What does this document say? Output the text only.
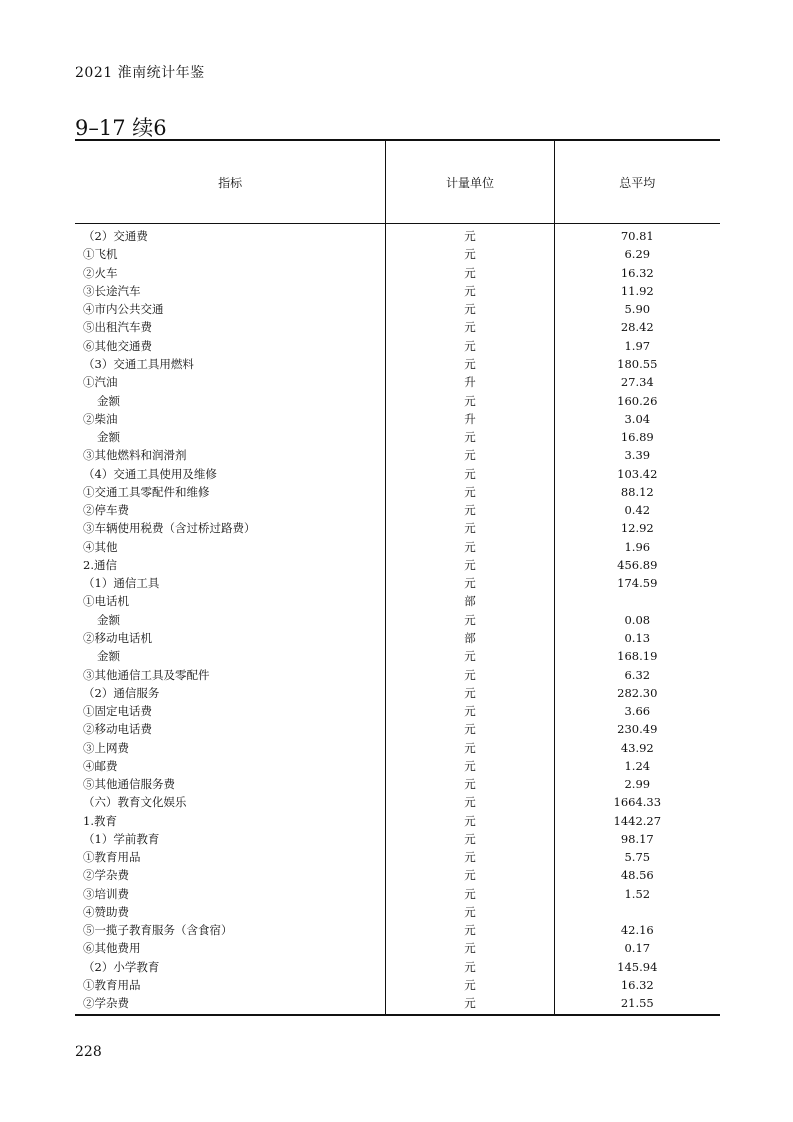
2021 淮南统计年鉴
9–17 续6
指标	计量单位	总平均
（2）交通费	元	70.81
①飞机	元	6.29
②火车	元	16.32
③长途汽车	元	11.92
④市内公共交通	元	5.90
⑤出租汽车费	元	28.42
⑥其他交通费	元	1.97
（3）交通工具用燃料	元	180.55
①汽油	升	27.34
金额	元	160.26
②柴油	升	3.04
金额	元	16.89
③其他燃料和润滑剂	元	3.39
（4）交通工具使用及维修	元	103.42
①交通工具零配件和维修	元	88.12
②停车费	元	0.42
③车辆使用税费（含过桥过路费）	元	12.92
④其他	元	1.96
2.通信	元	456.89
（1）通信工具	元	174.59
①电话机	部	
金额	元	0.08
②移动电话机	部	0.13
金额	元	168.19
③其他通信工具及零配件	元	6.32
（2）通信服务	元	282.30
①固定电话费	元	3.66
②移动电话费	元	230.49
③上网费	元	43.92
④邮费	元	1.24
⑤其他通信服务费	元	2.99
（六）教育文化娱乐	元	1664.33
1.教育	元	1442.27
（1）学前教育	元	98.17
①教育用品	元	5.75
②学杂费	元	48.56
③培训费	元	1.52
④赞助费	元	
⑤一揽子教育服务（含食宿）	元	42.16
⑥其他费用	元	0.17
（2）小学教育	元	145.94
①教育用品	元	16.32
②学杂费	元	21.55
228
